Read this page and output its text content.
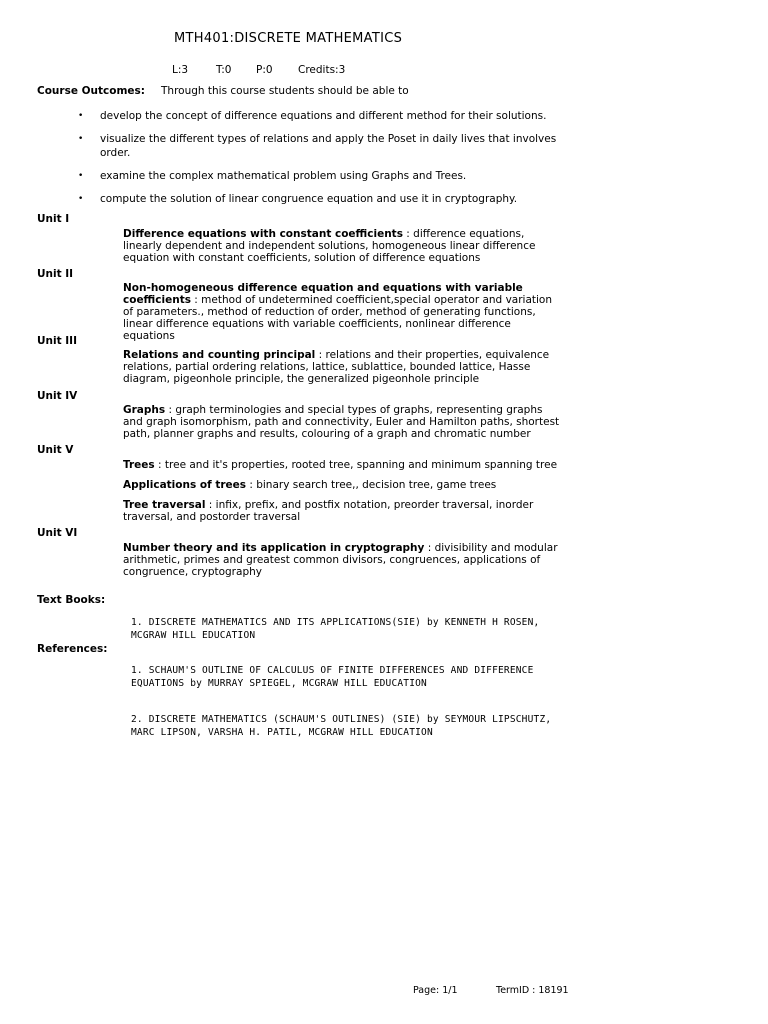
MTH401:DISCRETE MATHEMATICS
L:3	T:0 P:0 Credits:3
Course Outcomes: Through this course students should be able to
• develop the concept of difference equations and different method for their solutions.
• visualize the different types of relations and apply the Poset in daily lives that involves order.
• examine the complex mathematical problem using Graphs and Trees.
• compute the solution of linear congruence equation and use it in cryptography.
Unit I

Difference equations with constant coefficients : difference equations, linearly dependent and independent solutions, homogeneous linear difference equation with constant coefficients, solution of difference equations

Unit II

Non-homogeneous difference equation and equations with variable coefficients : method of undetermined coefficient,special operator and variation of parameters., method of reduction of order, method of generating functions, linear difference equations with variable coefficients, nonlinear difference equations

Unit III

Relations and counting principal : relations and their properties, equivalence relations, partial ordering relations, lattice, sublattice, bounded lattice, Hasse diagram, pigeonhole principle, the generalized pigeonhole principle

Unit IV

Graphs : graph terminologies and special types of graphs, representing graphs and graph isomorphism, path and connectivity, Euler and Hamilton paths, shortest path, planner graphs and results, colouring of a graph and chromatic number

Unit V

Trees : tree and it's properties, rooted tree, spanning and minimum spanning tree

Applications of trees : binary search tree,, decision tree, game trees

Tree traversal : infix, prefix, and postfix notation, preorder traversal, inorder traversal, and postorder traversal

Unit VI

Number theory and its application in cryptography : divisibility and modular arithmetic, primes and greatest common divisors, congruences, applications of congruence, cryptography

Text Books:
1. DISCRETE MATHEMATICS AND ITS APPLICATIONS(SIE) by KENNETH H ROSEN, MCGRAW HILL EDUCATION
References:
1. SCHAUM'S OUTLINE OF CALCULUS OF FINITE DIFFERENCES AND DIFFERENCE EQUATIONS by MURRAY SPIEGEL, MCGRAW HILL EDUCATION
2. DISCRETE MATHEMATICS (SCHAUM'S OUTLINES) (SIE) by SEYMOUR LIPSCHUTZ, MARC LIPSON, VARSHA H. PATIL, MCGRAW HILL EDUCATION
Page: 1/1	TermID : 18191
